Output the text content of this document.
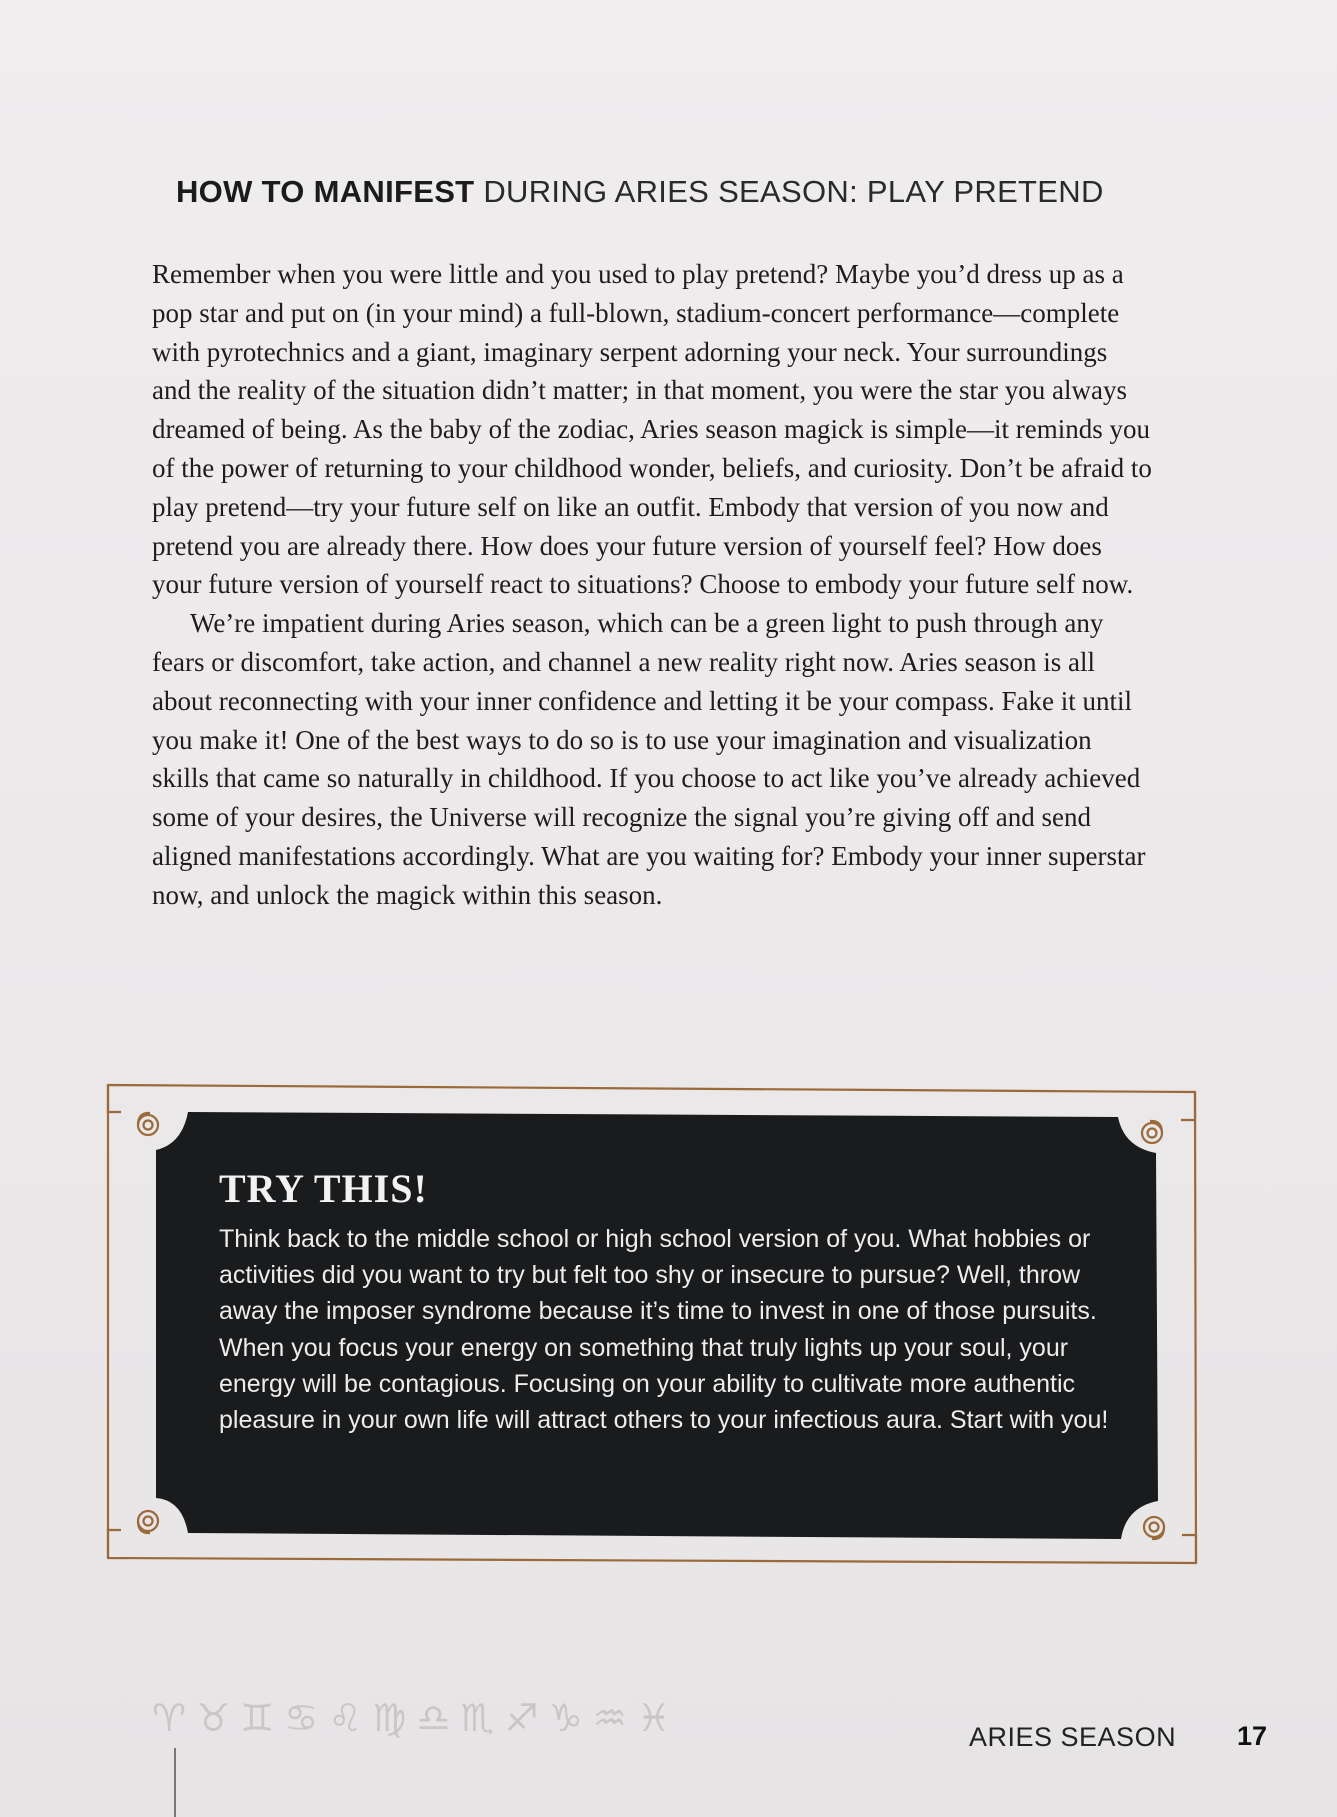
HOW TO MANIFEST DURING ARIES SEASON: PLAY PRETEND

Remember when you were little and you used to play pretend? Maybe you’d dress up as a pop star and put on (in your mind) a full-blown, stadium-concert performance—complete with pyrotechnics and a giant, imaginary serpent adorning your neck. Your surroundings and the reality of the situation didn’t matter; in that moment, you were the star you always dreamed of being. As the baby of the zodiac, Aries season magick is simple—it reminds you of the power of returning to your childhood wonder, beliefs, and curiosity. Don’t be afraid to play pretend—try your future self on like an outfit. Embody that version of you now and pretend you are already there. How does your future version of yourself feel? How does your future version of yourself react to situations? Choose to embody your future self now.

We’re impatient during Aries season, which can be a green light to push through any fears or discomfort, take action, and channel a new reality right now. Aries season is all about reconnecting with your inner confidence and letting it be your compass. Fake it until you make it! One of the best ways to do so is to use your imagination and visualization skills that came so naturally in childhood. If you choose to act like you’ve already achieved some of your desires, the Universe will recognize the signal you’re giving off and send aligned manifestations accordingly. What are you waiting for? Embody your inner superstar now, and unlock the magick within this season.

TRY THIS!

Think back to the middle school or high school version of you. What hobbies or activities did you want to try but felt too shy or insecure to pursue? Well, throw away the imposer syndrome because it’s time to invest in one of those pursuits. When you focus your energy on something that truly lights up your soul, your energy will be contagious. Focusing on your ability to cultivate more authentic pleasure in your own life will attract others to your infectious aura. Start with you!

♈♉♊♋♌♍♎♏♐♑♒♓	ARIES SEASON 17
